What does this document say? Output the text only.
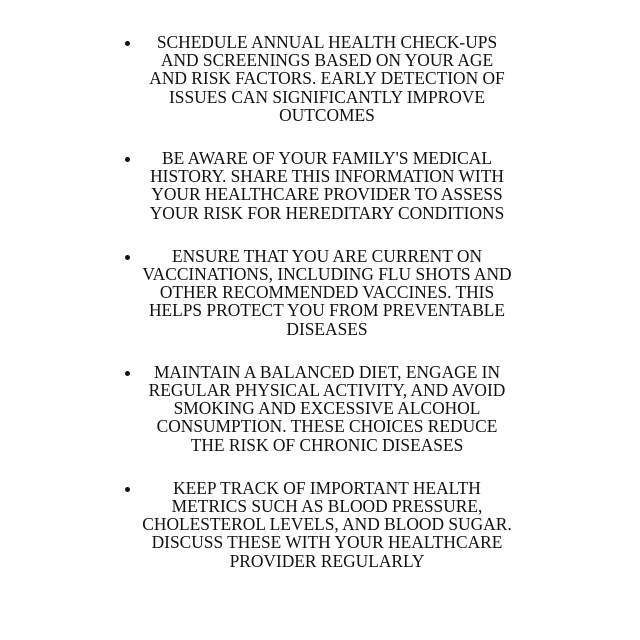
SCHEDULE ANNUAL HEALTH CHECK-UPS AND SCREENINGS BASED ON YOUR AGE AND RISK FACTORS. EARLY DETECTION OF ISSUES CAN SIGNIFICANTLY IMPROVE OUTCOMES
BE AWARE OF YOUR FAMILY'S MEDICAL HISTORY. SHARE THIS INFORMATION WITH YOUR HEALTHCARE PROVIDER TO ASSESS YOUR RISK FOR HEREDITARY CONDITIONS
ENSURE THAT YOU ARE CURRENT ON VACCINATIONS, INCLUDING FLU SHOTS AND OTHER RECOMMENDED VACCINES. THIS HELPS PROTECT YOU FROM PREVENTABLE DISEASES
MAINTAIN A BALANCED DIET, ENGAGE IN REGULAR PHYSICAL ACTIVITY, AND AVOID SMOKING AND EXCESSIVE ALCOHOL CONSUMPTION. THESE CHOICES REDUCE THE RISK OF CHRONIC DISEASES
KEEP TRACK OF IMPORTANT HEALTH METRICS SUCH AS BLOOD PRESSURE, CHOLESTEROL LEVELS, AND BLOOD SUGAR. DISCUSS THESE WITH YOUR HEALTHCARE PROVIDER REGULARLY
